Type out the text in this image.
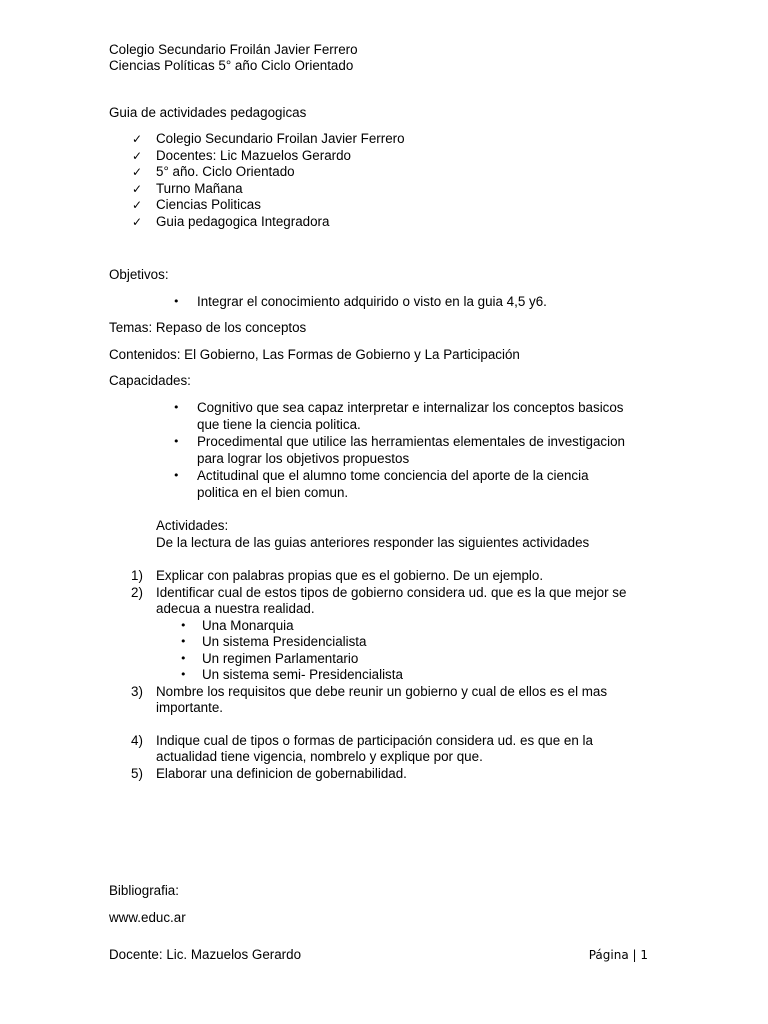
Colegio Secundario Froilán Javier Ferrero

Ciencias Políticas 5° año Ciclo Orientado

Guia de actividades pedagogicas

✓ Colegio Secundario Froilan Javier Ferrero
✓ Docentes: Lic Mazuelos Gerardo
✓ 5° año. Ciclo Orientado
✓ Turno Mañana
✓ Ciencias Politicas
✓ Guia pedagogica Integradora

Objetivos:

• Integrar el conocimiento adquirido o visto en la guia 4,5 y6.

Temas: Repaso de los conceptos

Contenidos: El Gobierno, Las Formas de Gobierno y La Participación

Capacidades:

• Cognitivo que sea capaz interpretar e internalizar los conceptos basicos
que tiene la ciencia politica.
• Procedimental que utilice las herramientas elementales de investigacion
para lograr los objetivos propuestos
• Actitudinal que el alumno tome conciencia del aporte de la ciencia
politica en el bien comun.

Actividades:

De la lectura de las guias anteriores responder las siguientes actividades

1) Explicar con palabras propias que es el gobierno. De un ejemplo.
2) Identificar cual de estos tipos de gobierno considera ud. que es la que mejor se
adecua a nuestra realidad.
• Una Monarquia
• Un sistema Presidencialista
• Un regimen Parlamentario
• Un sistema semi- Presidencialista
3) Nombre los requisitos que debe reunir un gobierno y cual de ellos es el mas
importante.
4) Indique cual de tipos o formas de participación considera ud. es que en la
actualidad tiene vigencia, nombrelo y explique por que.
5) Elaborar una definicion de gobernabilidad.

Bibliografia:

www.educ.ar

Docente: Lic. Mazuelos Gerardo	Página | 1
